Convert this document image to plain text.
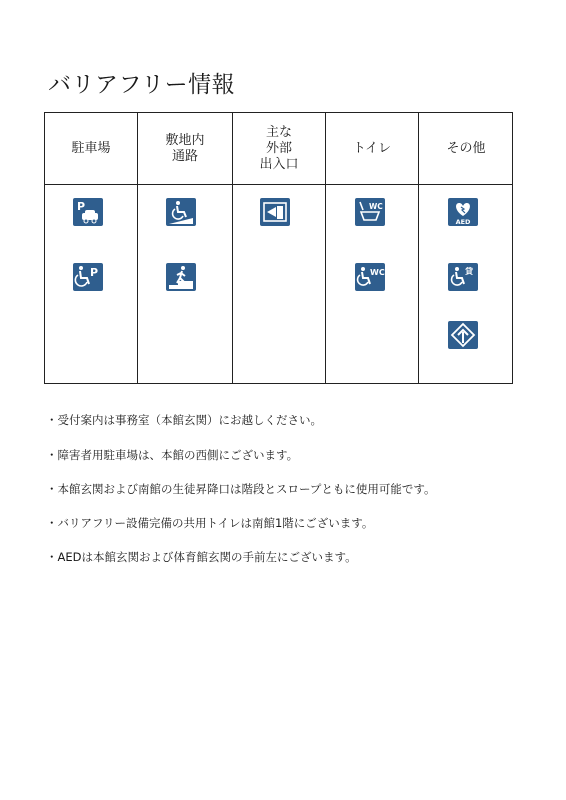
バリアフリー情報
駐車場
敷地内
通路
主な
外部
出入口
トイレ	その他
P
P
WC
WC
AED
貸
・受付案内は事務室（本館玄関）にお越しください。
・障害者用駐車場は、本館の西側にございます。
・本館玄関および南館の生徒昇降口は階段とスロープともに使用可能です。
・バリアフリー設備完備の共用トイレは南館1階にございます。
・AEDは本館玄関および体育館玄関の手前左にございます。
